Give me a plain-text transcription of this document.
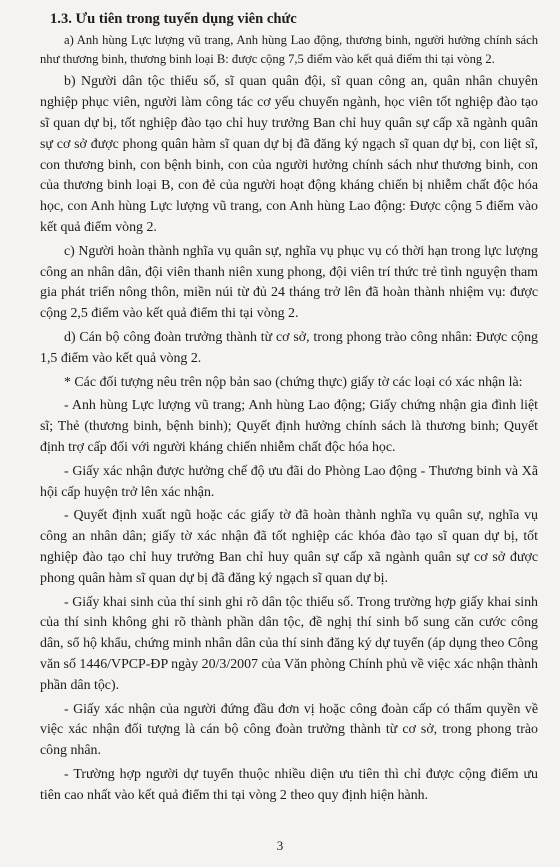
1.3. Ưu tiên trong tuyển dụng viên chức

a) Anh hùng Lực lượng vũ trang, Anh hùng Lao động, thương binh, người hưởng chính sách như thương binh, thương binh loại B: được cộng 7,5 điểm vào kết quả điểm thi tại vòng 2.

b) Người dân tộc thiểu số, sĩ quan quân đội, sĩ quan công an, quân nhân chuyên nghiệp phục viên, người làm công tác cơ yếu chuyển ngành, học viên tốt nghiệp đào tạo sĩ quan dự bị, tốt nghiệp đào tạo chỉ huy trưởng Ban chỉ huy quân sự cấp xã ngành quân sự cơ sở được phong quân hàm sĩ quan dự bị đã đăng ký ngạch sĩ quan dự bị, con liệt sĩ, con thương binh, con bệnh binh, con của người hưởng chính sách như thương binh, con của thương binh loại B, con đẻ của người hoạt động kháng chiến bị nhiễm chất độc hóa học, con Anh hùng Lực lượng vũ trang, con Anh hùng Lao động: Được cộng 5 điểm vào kết quả điểm vòng 2.

c) Người hoàn thành nghĩa vụ quân sự, nghĩa vụ phục vụ có thời hạn trong lực lượng công an nhân dân, đội viên thanh niên xung phong, đội viên trí thức trẻ tình nguyện tham gia phát triển nông thôn, miền núi từ đủ 24 tháng trở lên đã hoàn thành nhiệm vụ: được cộng 2,5 điểm vào kết quả điểm thi tại vòng 2.

d) Cán bộ công đoàn trưởng thành từ cơ sở, trong phong trào công nhân: Được cộng 1,5 điểm vào kết quả vòng 2.

* Các đối tượng nêu trên nộp bản sao (chứng thực) giấy tờ các loại có xác nhận là:

- Anh hùng Lực lượng vũ trang; Anh hùng Lao động; Giấy chứng nhận gia đình liệt sĩ; Thẻ (thương binh, bệnh binh); Quyết định hưởng chính sách là thương binh; Quyết định trợ cấp đối với người kháng chiến nhiễm chất độc hóa học.

- Giấy xác nhận được hưởng chế độ ưu đãi do Phòng Lao động - Thương binh và Xã hội cấp huyện trở lên xác nhận.

- Quyết định xuất ngũ hoặc các giấy tờ đã hoàn thành nghĩa vụ quân sự, nghĩa vụ công an nhân dân; giấy tờ xác nhận đã tốt nghiệp các khóa đào tạo sĩ quan dự bị, tốt nghiệp đào tạo chỉ huy trưởng Ban chỉ huy quân sự cấp xã ngành quân sự cơ sở được phong quân hàm sĩ quan dự bị đã đăng ký ngạch sĩ quan dự bị.

- Giấy khai sinh của thí sinh ghi rõ dân tộc thiểu số. Trong trường hợp giấy khai sinh của thí sinh không ghi rõ thành phần dân tộc, đề nghị thí sinh bổ sung căn cước công dân, sổ hộ khẩu, chứng minh nhân dân của thí sinh đăng ký dự tuyển (áp dụng theo Công văn số 1446/VPCP-ĐP ngày 20/3/2007 của Văn phòng Chính phủ về việc xác nhận thành phần dân tộc).

- Giấy xác nhận của người đứng đầu đơn vị hoặc công đoàn cấp có thẩm quyền về việc xác nhận đối tượng là cán bộ công đoàn trưởng thành từ cơ sở, trong phong trào công nhân.

- Trường hợp người dự tuyển thuộc nhiều diện ưu tiên thì chỉ được cộng điểm ưu tiên cao nhất vào kết quả điểm thi tại vòng 2 theo quy định hiện hành.

3
